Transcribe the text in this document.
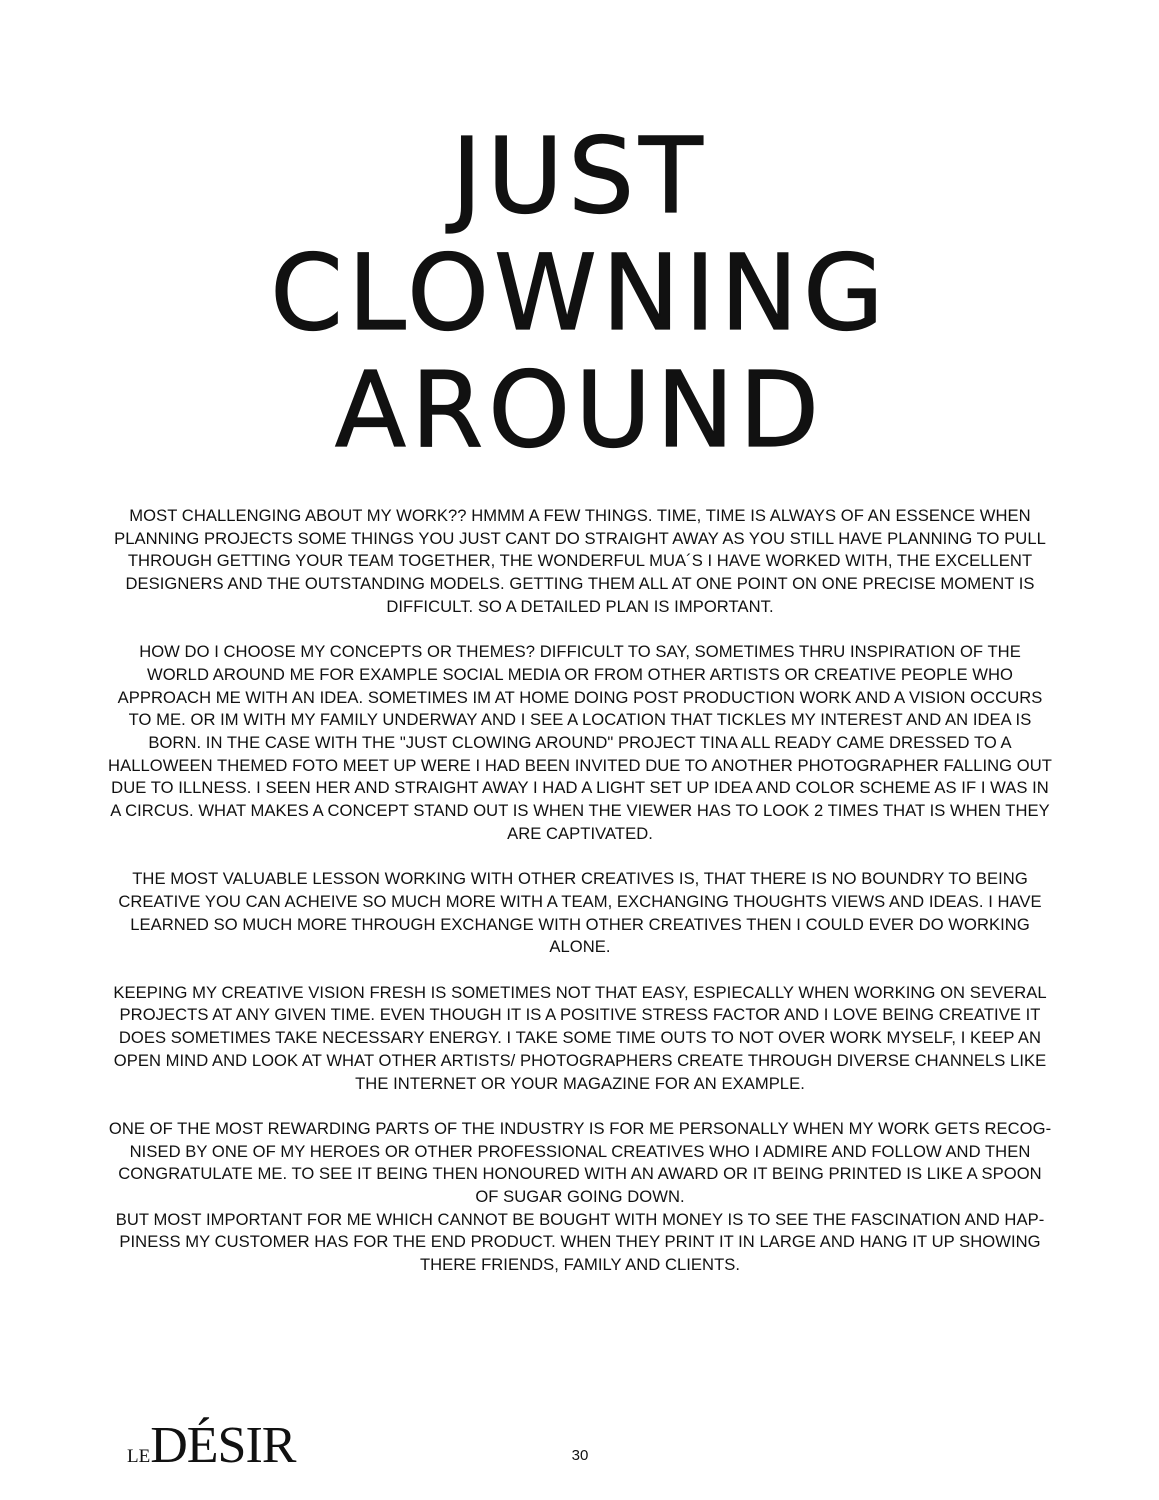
JUST
CLOWNING
AROUND

MOST CHALLENGING ABOUT MY WORK?? HMMM A FEW THINGS. TIME, TIME IS ALWAYS OF AN ESSENCE WHEN PLANNING PROJECTS SOME THINGS YOU JUST CANT DO STRAIGHT AWAY AS YOU STILL HAVE PLANNING TO PULL THROUGH GETTING YOUR TEAM TOGETHER, THE WONDERFUL MUA´S I HAVE WORKED WITH, THE EXCELLENT DESIGNERS AND THE OUTSTANDING MODELS. GETTING THEM ALL AT ONE POINT ON ONE PRECISE MOMENT IS DIFFICULT. SO A DETAILED PLAN IS IMPORTANT.

HOW DO I CHOOSE MY CONCEPTS OR THEMES? DIFFICULT TO SAY, SOMETIMES THRU INSPIRATION OF THE WORLD AROUND ME FOR EXAMPLE SOCIAL MEDIA OR FROM OTHER ARTISTS OR CREATIVE PEOPLE WHO APPROACH ME WITH AN IDEA. SOMETIMES IM AT HOME DOING POST PRODUCTION WORK AND A VISION OCCURS TO ME. OR IM WITH MY FAMILY UNDERWAY AND I SEE A LOCATION THAT TICKLES MY INTEREST AND AN IDEA IS BORN. IN THE CASE WITH THE "JUST CLOWING AROUND" PROJECT TINA ALL READY CAME DRESSED TO A HALLOWEEN THEMED FOTO MEET UP WERE I HAD BEEN INVITED DUE TO ANOTHER PHOTOGRAPHER FALLING OUT DUE TO ILLNESS. I SEEN HER AND STRAIGHT AWAY I HAD A LIGHT SET UP IDEA AND COLOR SCHEME AS IF I WAS IN A CIRCUS. WHAT MAKES A CONCEPT STAND OUT IS WHEN THE VIEWER HAS TO LOOK 2 TIMES THAT IS WHEN THEY ARE CAPTIVATED.

THE MOST VALUABLE LESSON WORKING WITH OTHER CREATIVES IS, THAT THERE IS NO BOUNDRY TO BEING CREATIVE YOU CAN ACHEIVE SO MUCH MORE WITH A TEAM, EXCHANGING THOUGHTS VIEWS AND IDEAS. I HAVE LEARNED SO MUCH MORE THROUGH EXCHANGE WITH OTHER CREATIVES THEN I COULD EVER DO WORKING ALONE.

KEEPING MY CREATIVE VISION FRESH IS SOMETIMES NOT THAT EASY, ESPIECALLY WHEN WORKING ON SEVERAL PROJECTS AT ANY GIVEN TIME. EVEN THOUGH IT IS A POSITIVE STRESS FACTOR AND I LOVE BEING CREATIVE IT DOES SOMETIMES TAKE NECESSARY ENERGY. I TAKE SOME TIME OUTS TO NOT OVER WORK MYSELF, I KEEP AN OPEN MIND AND LOOK AT WHAT OTHER ARTISTS/ PHOTOGRAPHERS CREATE THROUGH DIVERSE CHANNELS LIKE THE INTERNET OR YOUR MAGAZINE FOR AN EXAMPLE.

ONE OF THE MOST REWARDING PARTS OF THE INDUSTRY IS FOR ME PERSONALLY WHEN MY WORK GETS RECOGNISED BY ONE OF MY HEROES OR OTHER PROFESSIONAL CREATIVES WHO I ADMIRE AND FOLLOW AND THEN CONGRATULATE ME. TO SEE IT BEING THEN HONOURED WITH AN AWARD OR IT BEING PRINTED IS LIKE A SPOON OF SUGAR GOING DOWN.

BUT MOST IMPORTANT FOR ME WHICH CANNOT BE BOUGHT WITH MONEY IS TO SEE THE FASCINATION AND HAPPINESS MY CUSTOMER HAS FOR THE END PRODUCT. WHEN THEY PRINT IT IN LARGE AND HANG IT UP SHOWING THERE FRIENDS, FAMILY AND CLIENTS.

LEDÉSIR	30
